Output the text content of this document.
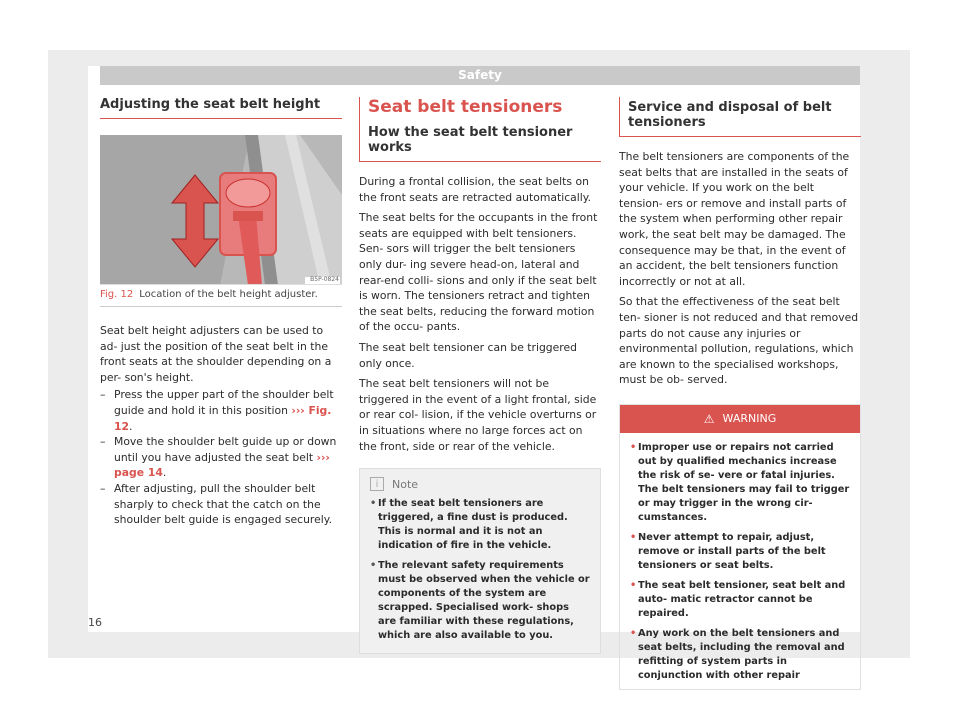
Safety
Adjusting the seat belt height
B5P-0824
Fig. 12 Location of the belt height adjuster.

Seat belt height adjusters can be used to ad- just the position of the seat belt in the front seats at the shoulder depending on a per- son's height.

– Press the upper part of the shoulder belt guide and hold it in this position ››› Fig. 12.
– Move the shoulder belt guide up or down until you have adjusted the seat belt ››› page 14.
– After adjusting, pull the shoulder belt sharply to check that the catch on the shoulder belt guide is engaged securely.
Seat belt tensioners
How the seat belt tensioner works

During a frontal collision, the seat belts on the front seats are retracted automatically.

The seat belts for the occupants in the front seats are equipped with belt tensioners. Sen- sors will trigger the belt tensioners only dur- ing severe head-on, lateral and rear-end colli- sions and only if the seat belt is worn. The tensioners retract and tighten the seat belts, reducing the forward motion of the occu- pants.

The seat belt tensioner can be triggered only once.

The seat belt tensioners will not be triggered in the event of a light frontal, side or rear col- lision, if the vehicle overturns or in situations where no large forces act on the front, side or rear of the vehicle.

i	Note
• If the seat belt tensioners are triggered, a fine dust is produced. This is normal and it is not an indication of fire in the vehicle.
• The relevant safety requirements must be observed when the vehicle or components of the system are scrapped. Specialised work- shops are familiar with these regulations, which are also available to you.
Service and disposal of belt tensioners

The belt tensioners are components of the seat belts that are installed in the seats of your vehicle. If you work on the belt tension- ers or remove and install parts of the system when performing other repair work, the seat belt may be damaged. The consequence may be that, in the event of an accident, the belt tensioners function incorrectly or not at all.

So that the effectiveness of the seat belt ten- sioner is not reduced and that removed parts do not cause any injuries or environmental pollution, regulations, which are known to the specialised workshops, must be ob- served.

⚠ WARNING
• Improper use or repairs not carried out by qualified mechanics increase the risk of se- vere or fatal injuries. The belt tensioners may fail to trigger or may trigger in the wrong cir- cumstances.
• Never attempt to repair, adjust, remove or install parts of the belt tensioners or seat belts.
• The seat belt tensioner, seat belt and auto- matic retractor cannot be repaired.
• Any work on the belt tensioners and seat belts, including the removal and refitting of system parts in conjunction with other repair
16
